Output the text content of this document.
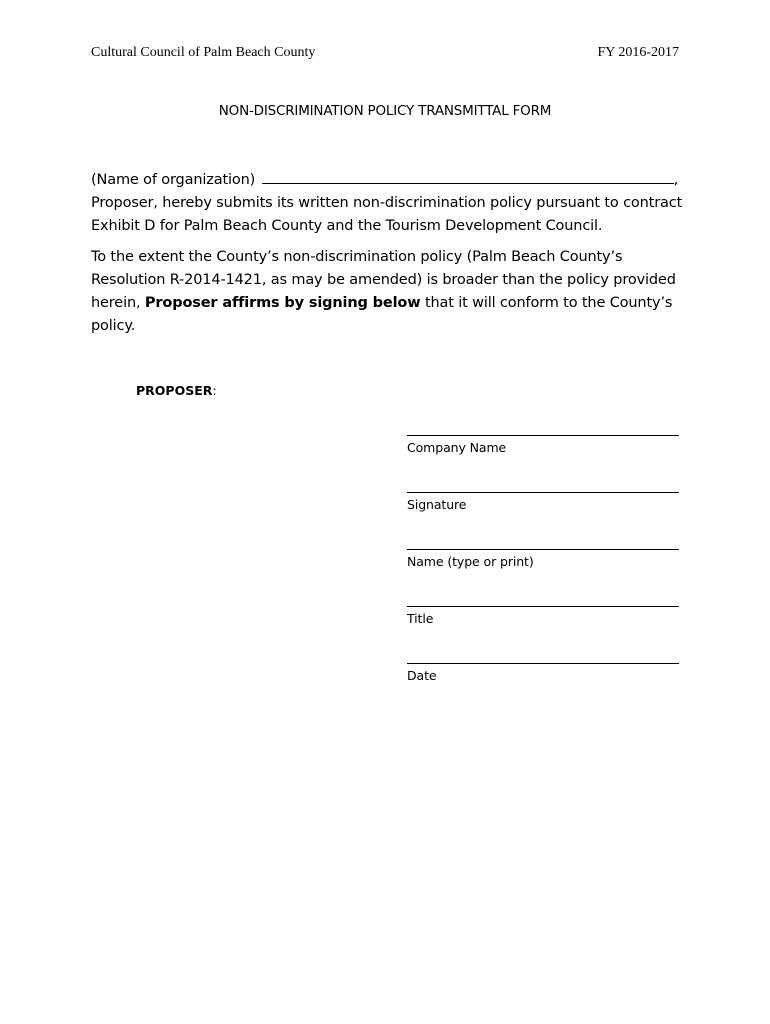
Cultural Council of Palm Beach County	FY 2016-2017
NON-DISCRIMINATION POLICY TRANSMITTAL FORM
(Name of organization)	, Proposer, hereby submits its written non-discrimination policy pursuant to contract Exhibit D for Palm Beach County and the Tourism Development Council.
To the extent the County’s non-discrimination policy (Palm Beach County’s Resolution R-2014-1421, as may be amended) is broader than the policy provided herein, Proposer affirms by signing below that it will conform to the County’s policy.
PROPOSER:
Company Name
Signature
Name (type or print)
Title
Date
